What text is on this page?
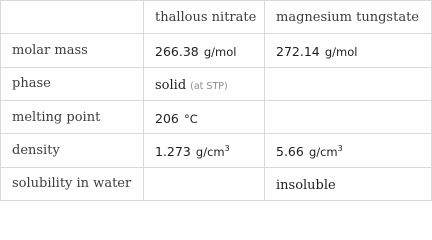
	thallous nitrate	magnesium tungstate
molar mass	266.38 g/mol	272.14 g/mol
phase	solid (at STP)	
melting point	206 °C	
density	1.273 $g/cm^3$	5.66 $g/cm^3$
solubility in water		insoluble
